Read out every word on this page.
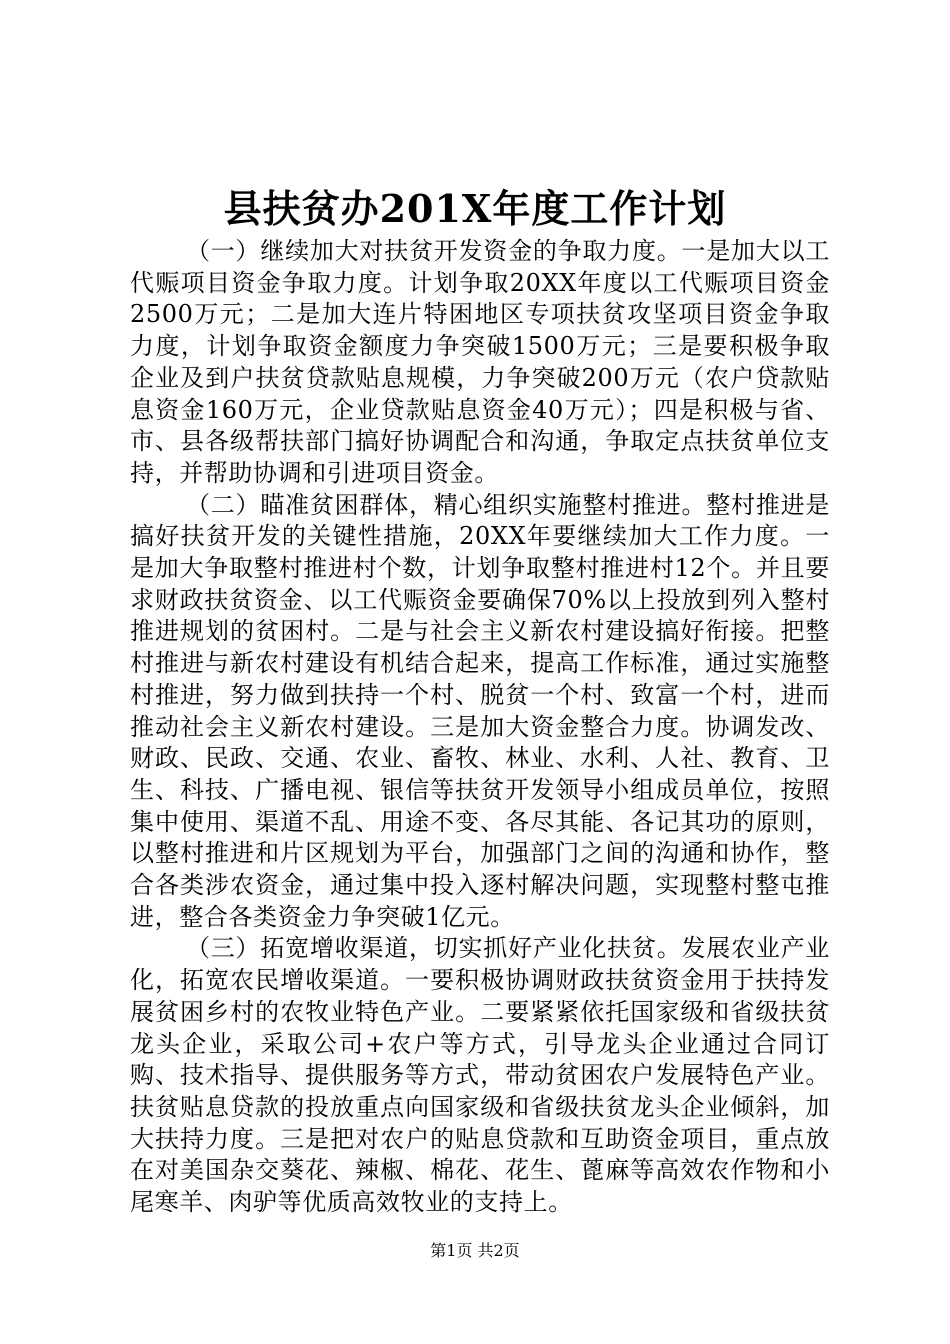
县扶贫办201X年度工作计划

（一）继续加大对扶贫开发资金的争取力度。一是加大以工代赈项目资金争取力度。计划争取20XX年度以工代赈项目资金2500万元；二是加大连片特困地区专项扶贫攻坚项目资金争取力度，计划争取资金额度力争突破1500万元；三是要积极争取企业及到户扶贫贷款贴息规模，力争突破200万元（农户贷款贴息资金160万元，企业贷款贴息资金40万元）；四是积极与省、市、县各级帮扶部门搞好协调配合和沟通，争取定点扶贫单位支持，并帮助协调和引进项目资金。

（二）瞄准贫困群体，精心组织实施整村推进。整村推进是搞好扶贫开发的关键性措施，20XX年要继续加大工作力度。一是加大争取整村推进村个数，计划争取整村推进村12个。并且要求财政扶贫资金、以工代赈资金要确保70%以上投放到列入整村推进规划的贫困村。二是与社会主义新农村建设搞好衔接。把整村推进与新农村建设有机结合起来，提高工作标准，通过实施整村推进，努力做到扶持一个村、脱贫一个村、致富一个村，进而推动社会主义新农村建设。三是加大资金整合力度。协调发改、财政、民政、交通、农业、畜牧、林业、水利、人社、教育、卫生、科技、广播电视、银信等扶贫开发领导小组成员单位，按照集中使用、渠道不乱、用途不变、各尽其能、各记其功的原则，以整村推进和片区规划为平台，加强部门之间的沟通和协作，整合各类涉农资金，通过集中投入逐村解决问题，实现整村整屯推进，整合各类资金力争突破1亿元。

（三）拓宽增收渠道，切实抓好产业化扶贫。发展农业产业化，拓宽农民增收渠道。一要积极协调财政扶贫资金用于扶持发展贫困乡村的农牧业特色产业。二要紧紧依托国家级和省级扶贫龙头企业，采取公司+农户等方式，引导龙头企业通过合同订购、技术指导、提供服务等方式，带动贫困农户发展特色产业。扶贫贴息贷款的投放重点向国家级和省级扶贫龙头企业倾斜，加大扶持力度。三是把对农户的贴息贷款和互助资金项目，重点放在对美国杂交葵花、辣椒、棉花、花生、蓖麻等高效农作物和小尾寒羊、肉驴等优质高效牧业的支持上。

第1页 共2页
